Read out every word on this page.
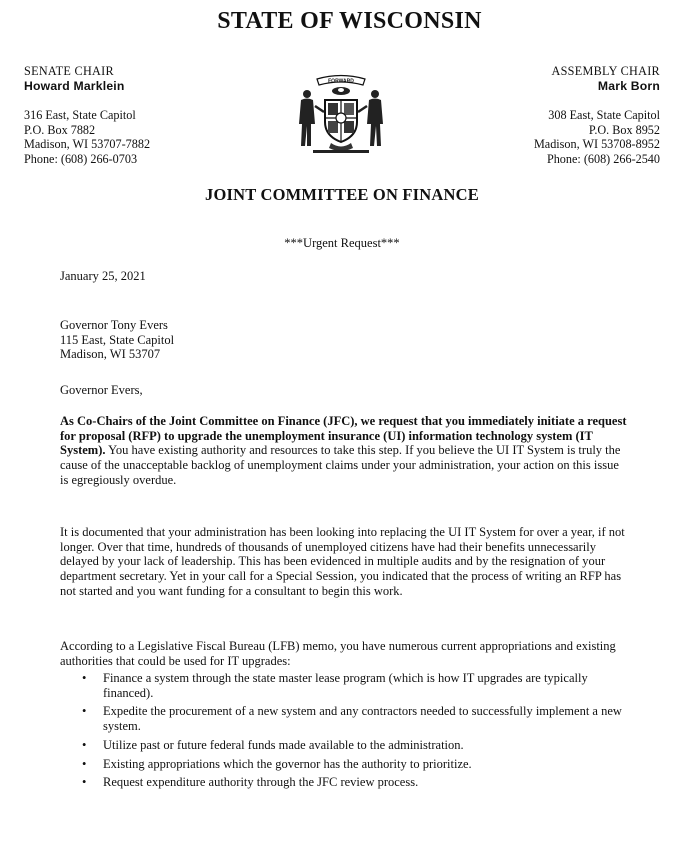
STATE OF WISCONSIN
SENATE CHAIR
Howard Marklein
316 East, State Capitol
P.O. Box 7882
Madison, WI 53707-7882
Phone: (608) 266-0703
ASSEMBLY CHAIR
Mark Born
308 East, State Capitol
P.O. Box 8952
Madison, WI 53708-8952
Phone: (608) 266-2540
FORWARD
JOINT COMMITTEE ON FINANCE
***Urgent Request***
January 25, 2021
Governor Tony Evers
115 East, State Capitol
Madison, WI 53707
Governor Evers,
As Co-Chairs of the Joint Committee on Finance (JFC), we request that you immediately initiate a request for proposal (RFP) to upgrade the unemployment insurance (UI) information technology system (IT System). You have existing authority and resources to take this step. If you believe the UI IT System is truly the cause of the unacceptable backlog of unemployment claims under your administration, your action on this issue is egregiously overdue.
It is documented that your administration has been looking into replacing the UI IT System for over a year, if not longer. Over that time, hundreds of thousands of unemployed citizens have had their benefits unnecessarily delayed by your lack of leadership. This has been evidenced in multiple audits and by the resignation of your department secretary. Yet in your call for a Special Session, you indicated that the process of writing an RFP has not started and you want funding for a consultant to begin this work.
According to a Legislative Fiscal Bureau (LFB) memo, you have numerous current appropriations and existing authorities that could be used for IT upgrades:
• Finance a system through the state master lease program (which is how IT upgrades are typically financed).
• Expedite the procurement of a new system and any contractors needed to successfully implement a new system.
• Utilize past or future federal funds made available to the administration.
• Existing appropriations which the governor has the authority to prioritize.
• Request expenditure authority through the JFC review process.
